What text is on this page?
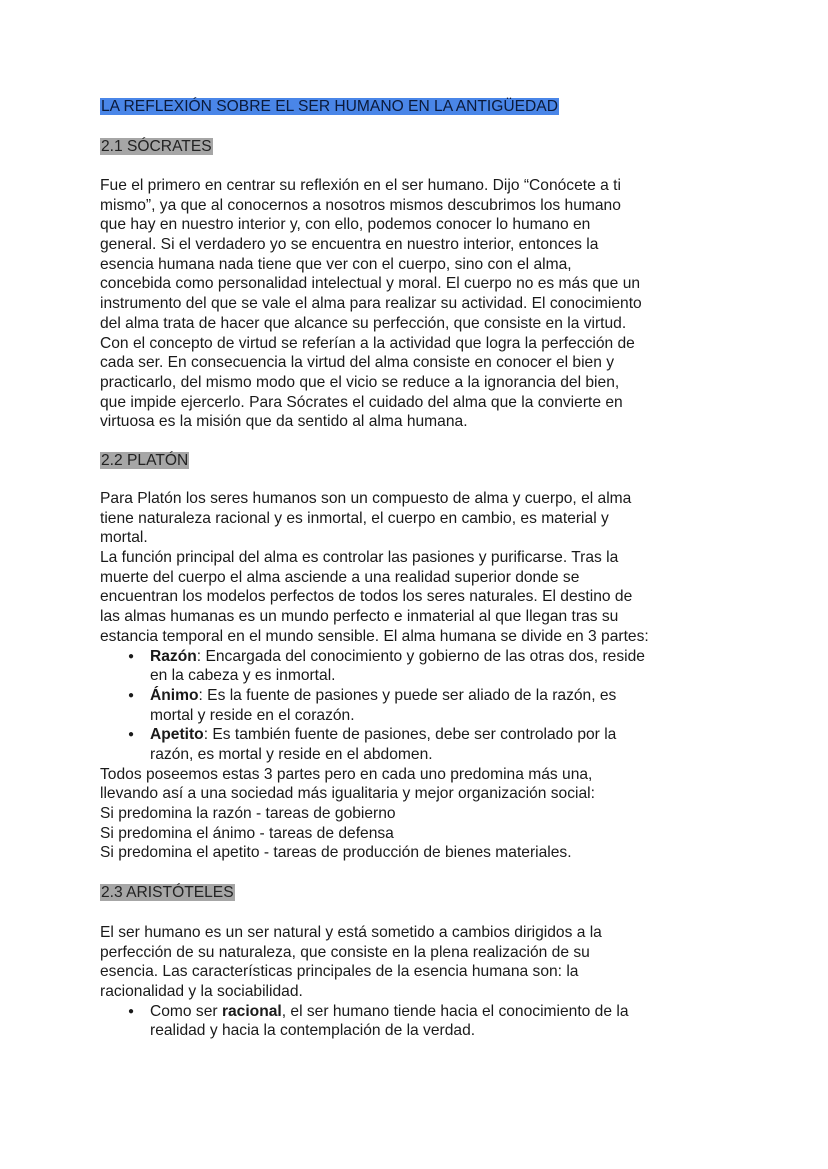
LA REFLEXIÓN SOBRE EL SER HUMANO EN LA ANTIGÜEDAD
2.1 SÓCRATES
Fue el primero en centrar su reflexión en el ser humano. Dijo “Conócete a ti
mismo”, ya que al conocernos a nosotros mismos descubrimos los humano
que hay en nuestro interior y, con ello, podemos conocer lo humano en
general. Si el verdadero yo se encuentra en nuestro interior, entonces la
esencia humana nada tiene que ver con el cuerpo, sino con el alma,
concebida como personalidad intelectual y moral. El cuerpo no es más que un
instrumento del que se vale el alma para realizar su actividad. El conocimiento
del alma trata de hacer que alcance su perfección, que consiste en la virtud.
Con el concepto de virtud se referían a la actividad que logra la perfección de
cada ser. En consecuencia la virtud del alma consiste en conocer el bien y
practicarlo, del mismo modo que el vicio se reduce a la ignorancia del bien,
que impide ejercerlo. Para Sócrates el cuidado del alma que la convierte en
virtuosa es la misión que da sentido al alma humana.
2.2 PLATÓN
Para Platón los seres humanos son un compuesto de alma y cuerpo, el alma
tiene naturaleza racional y es inmortal, el cuerpo en cambio, es material y
mortal.
La función principal del alma es controlar las pasiones y purificarse. Tras la
muerte del cuerpo el alma asciende a una realidad superior donde se
encuentran los modelos perfectos de todos los seres naturales. El destino de
las almas humanas es un mundo perfecto e inmaterial al que llegan tras su
estancia temporal en el mundo sensible. El alma humana se divide en 3 partes:
● Razón: Encargada del conocimiento y gobierno de las otras dos, reside
en la cabeza y es inmortal.
● Ánimo: Es la fuente de pasiones y puede ser aliado de la razón, es
mortal y reside en el corazón.
● Apetito: Es también fuente de pasiones, debe ser controlado por la
razón, es mortal y reside en el abdomen.
Todos poseemos estas 3 partes pero en cada uno predomina más una,
llevando así a una sociedad más igualitaria y mejor organización social:
Si predomina la razón - tareas de gobierno
Si predomina el ánimo - tareas de defensa
Si predomina el apetito - tareas de producción de bienes materiales.
2.3 ARISTÓTELES
El ser humano es un ser natural y está sometido a cambios dirigidos a la
perfección de su naturaleza, que consiste en la plena realización de su
esencia. Las características principales de la esencia humana son: la
racionalidad y la sociabilidad.
● Como ser racional, el ser humano tiende hacia el conocimiento de la
realidad y hacia la contemplación de la verdad.
